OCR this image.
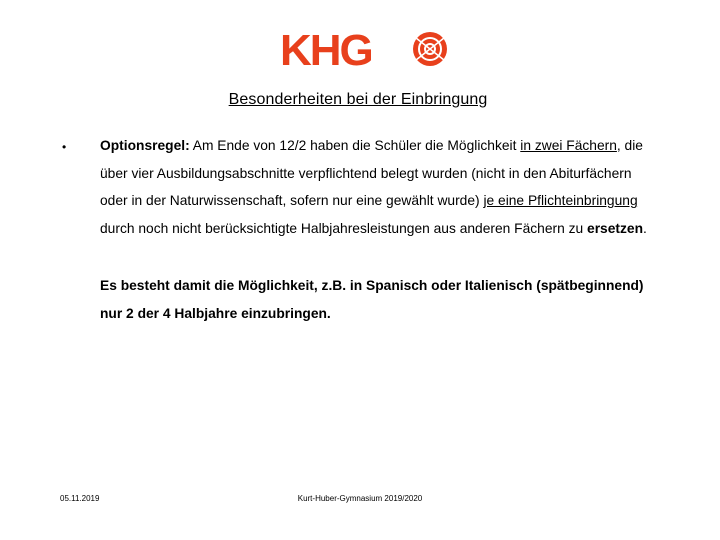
KHG
Besonderheiten bei der Einbringung
• Optionsregel: Am Ende von 12/2 haben die Schüler die Möglichkeit in zwei Fächern, die über vier Ausbildungsabschnitte verpflichtend belegt wurden (nicht in den Abiturfächern oder in der Naturwissenschaft, sofern nur eine gewählt wurde) je eine Pflichteinbringung durch noch nicht berücksichtigte Halbjahresleistungen aus anderen Fächern zu ersetzen.
Es besteht damit die Möglichkeit, z.B. in Spanisch oder Italienisch (spätbeginnend) nur 2 der 4 Halbjahre einzubringen.
05.11.2019	Kurt-Huber-Gymnasium 2019/2020
